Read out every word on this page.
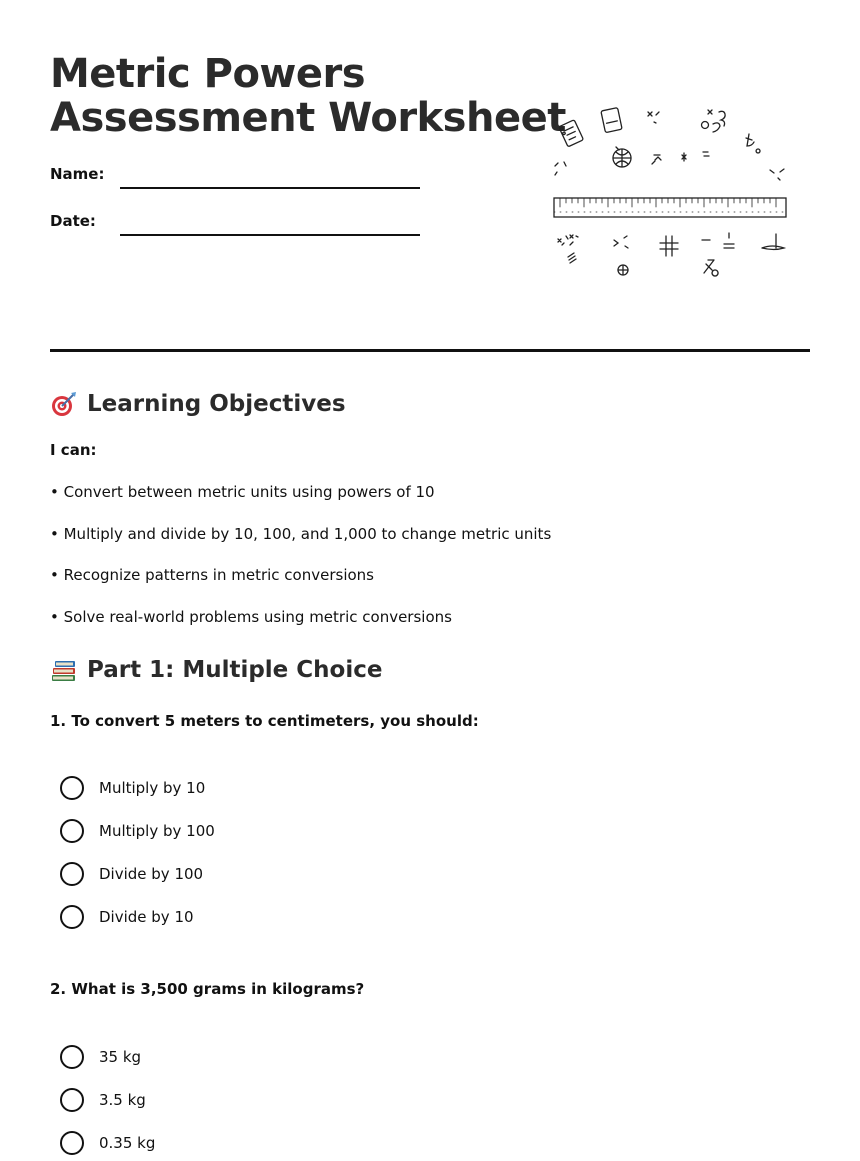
Metric Powers
Assessment Worksheet
Name:
Date:
Learning Objectives
I can:
• Convert between metric units using powers of 10
• Multiply and divide by 10, 100, and 1,000 to change metric units
• Recognize patterns in metric conversions
• Solve real-world problems using metric conversions
Part 1: Multiple Choice
1. To convert 5 meters to centimeters, you should:
Multiply by 10
Multiply by 100
Divide by 100
Divide by 10
2. What is 3,500 grams in kilograms?
35 kg
3.5 kg
0.35 kg
